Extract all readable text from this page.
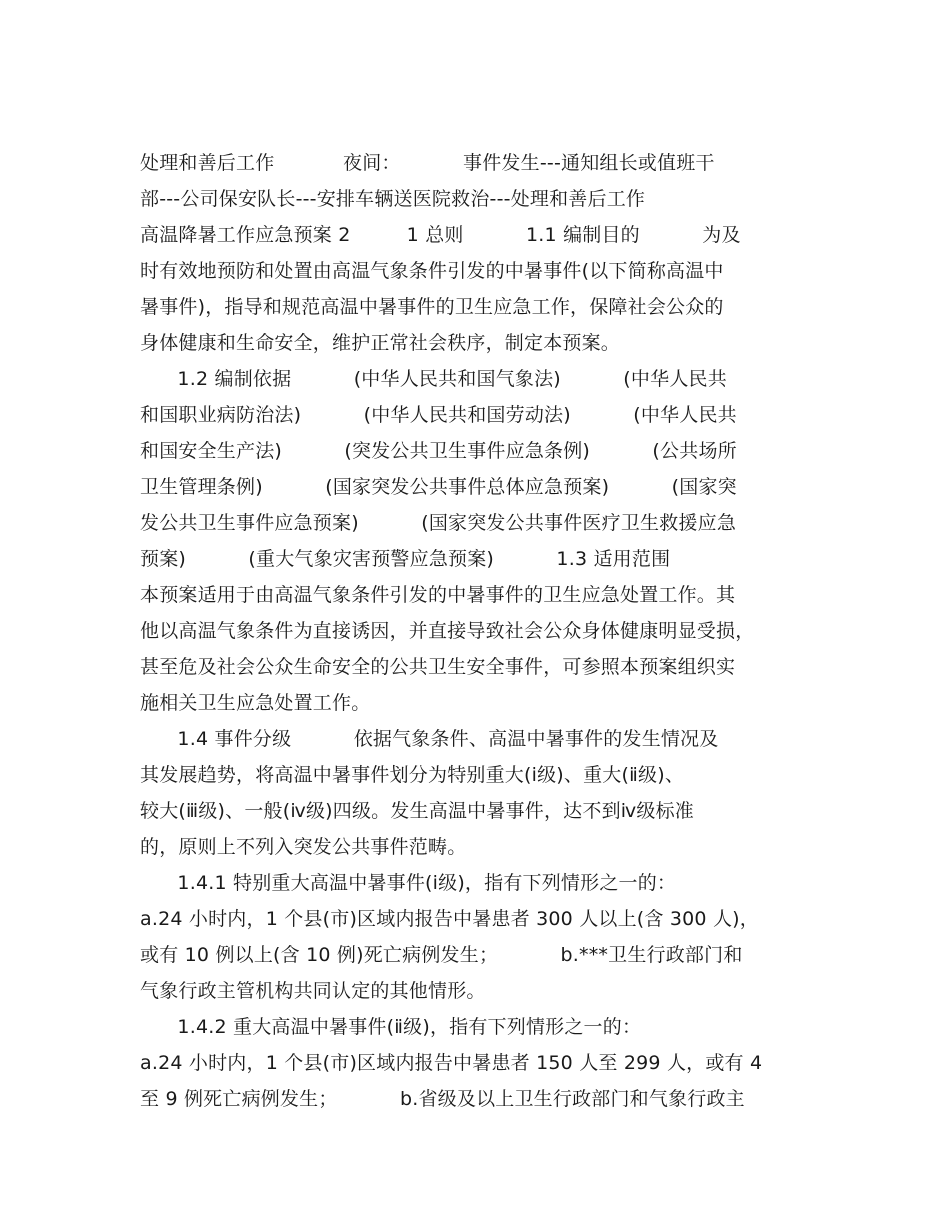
处理和善后工作           夜间：          事件发生---通知组长或值班干
部---公司保安队长---安排车辆送医院救治---处理和善后工作
高温降暑工作应急预案 2         1 总则          1.1 编制目的          为及
时有效地预防和处置由高温气象条件引发的中暑事件(以下简称高温中
暑事件)，指导和规范高温中暑事件的卫生应急工作，保障社会公众的
身体健康和生命安全，维护正常社会秩序，制定本预案。
1.2 编制依据          (中华人民共和国气象法)          (中华人民共
和国职业病防治法)          (中华人民共和国劳动法)          (中华人民共
和国安全生产法)          (突发公共卫生事件应急条例)          (公共场所
卫生管理条例)          (国家突发公共事件总体应急预案)          (国家突
发公共卫生事件应急预案)          (国家突发公共事件医疗卫生救援应急
预案)          (重大气象灾害预警应急预案)          1.3 适用范围
本预案适用于由高温气象条件引发的中暑事件的卫生应急处置工作。其
他以高温气象条件为直接诱因，并直接导致社会公众身体健康明显受损，
甚至危及社会公众生命安全的公共卫生安全事件，可参照本预案组织实
施相关卫生应急处置工作。
1.4 事件分级          依据气象条件、高温中暑事件的发生情况及
其发展趋势，将高温中暑事件划分为特别重大(ⅰ级)、重大(ⅱ级)、
较大(ⅲ级)、一般(ⅳ级)四级。发生高温中暑事件，达不到ⅳ级标准
的，原则上不列入突发公共事件范畴。
1.4.1 特别重大高温中暑事件(ⅰ级)，指有下列情形之一的：
a.24 小时内，1 个县(市)区域内报告中暑患者 300 人以上(含 300 人)，
或有 10 例以上(含 10 例)死亡病例发生；          b.***卫生行政部门和
气象行政主管机构共同认定的其他情形。
1.4.2 重大高温中暑事件(ⅱ级)，指有下列情形之一的：
a.24 小时内，1 个县(市)区域内报告中暑患者 150 人至 299 人，或有 4
至 9 例死亡病例发生；          b.省级及以上卫生行政部门和气象行政主
